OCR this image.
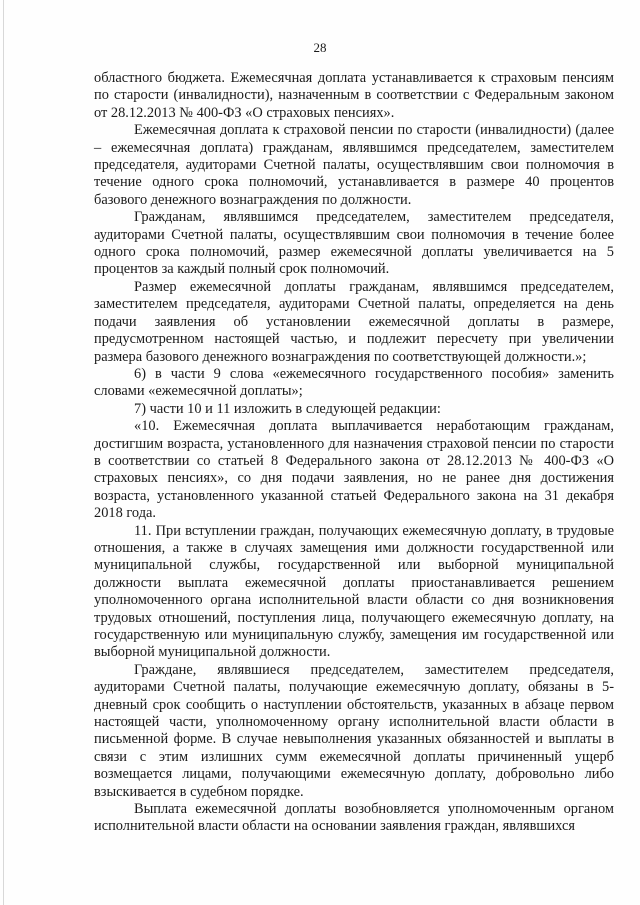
28

областного бюджета. Ежемесячная доплата устанавливается к страховым пенсиям по старости (инвалидности), назначенным в соответствии с Федеральным законом от 28.12.2013 № 400-ФЗ «О страховых пенсиях».

Ежемесячная доплата к страховой пенсии по старости (инвалидности) (далее – ежемесячная доплата) гражданам, являвшимся председателем, заместителем председателя, аудиторами Счетной палаты, осуществлявшим свои полномочия в течение одного срока полномочий, устанавливается в размере 40 процентов базового денежного вознаграждения по должности.

Гражданам, являвшимся председателем, заместителем председателя, аудиторами Счетной палаты, осуществлявшим свои полномочия в течение более одного срока полномочий, размер ежемесячной доплаты увеличивается на 5 процентов за каждый полный срок полномочий.

Размер ежемесячной доплаты гражданам, являвшимся председателем, заместителем председателя, аудиторами Счетной палаты, определяется на день подачи заявления об установлении ежемесячной доплаты в размере, предусмотренном настоящей частью, и подлежит пересчету при увеличении размера базового денежного вознаграждения по соответствующей должности.»;

6) в части 9 слова «ежемесячного государственного пособия» заменить словами «ежемесячной доплаты»;

7) части 10 и 11 изложить в следующей редакции:

«10. Ежемесячная доплата выплачивается неработающим гражданам, достигшим возраста, установленного для назначения страховой пенсии по старости в соответствии со статьей 8 Федерального закона от 28.12.2013 № 400-ФЗ «О страховых пенсиях», со дня подачи заявления, но не ранее дня достижения возраста, установленного указанной статьей Федерального закона на 31 декабря 2018 года.

11. При вступлении граждан, получающих ежемесячную доплату, в трудовые отношения, а также в случаях замещения ими должности государственной или муниципальной службы, государственной или выборной муниципальной должности выплата ежемесячной доплаты приостанавливается решением уполномоченного органа исполнительной власти области со дня возникновения трудовых отношений, поступления лица, получающего ежемесячную доплату, на государственную или муниципальную службу, замещения им государственной или выборной муниципальной должности.

Граждане, являвшиеся председателем, заместителем председателя, аудиторами Счетной палаты, получающие ежемесячную доплату, обязаны в 5-дневный срок сообщить о наступлении обстоятельств, указанных в абзаце первом настоящей части, уполномоченному органу исполнительной власти области в письменной форме. В случае невыполнения указанных обязанностей и выплаты в связи с этим излишних сумм ежемесячной доплаты причиненный ущерб возмещается лицами, получающими ежемесячную доплату, добровольно либо взыскивается в судебном порядке.

Выплата ежемесячной доплаты возобновляется уполномоченным органом исполнительной власти области на основании заявления граждан, являвшихся
